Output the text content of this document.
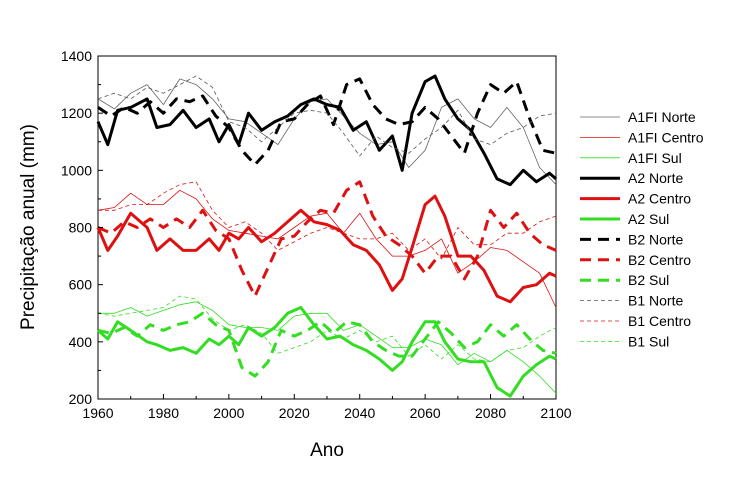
1960 1980 2000 2020 2040 2060 2080 2100
200
400
600
800
1000
1200
1400
Ano
Precipitação anual (mm)
A1FI Norte
A1FI Centro
A1FI Sul
A2 Norte
A2 Centro
A2 Sul
B2 Norte
B2 Centro
B2 Sul
B1 Norte
B1 Centro
B1 Sul
